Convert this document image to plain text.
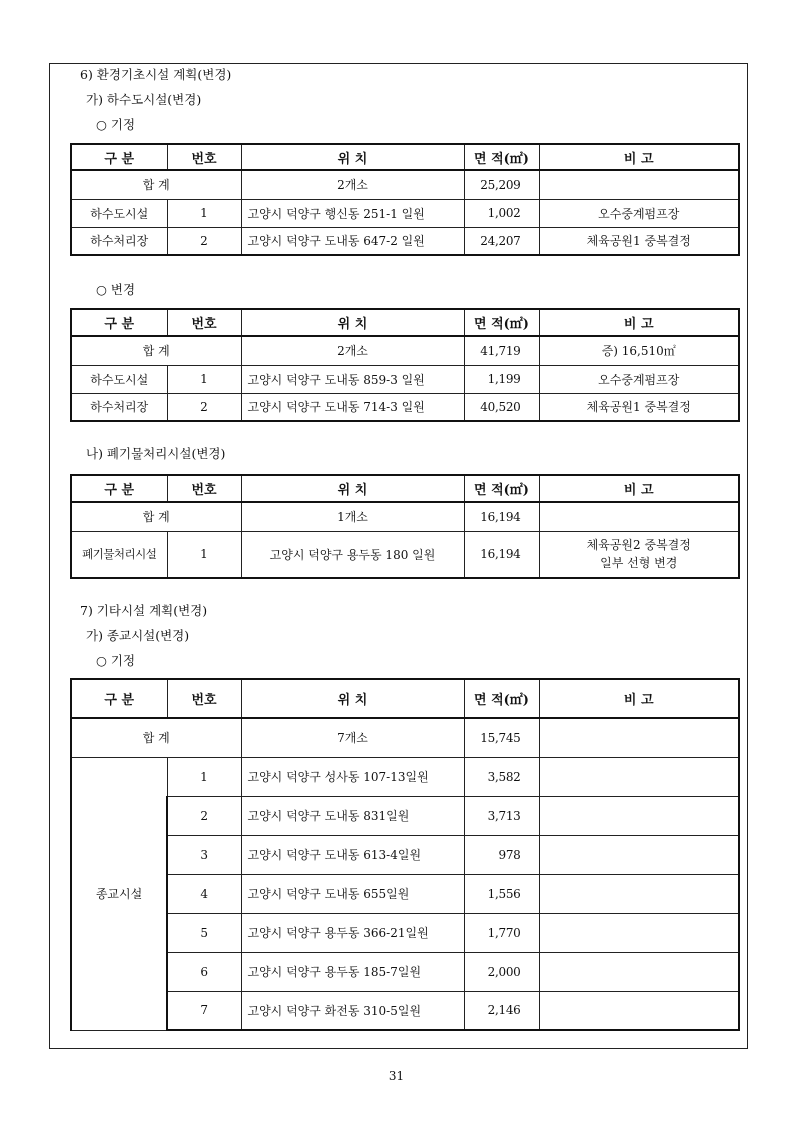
6) 환경기초시설 계획(변경)
가) 하수도시설(변경)
○ 기정
구 분	번호	위 치	면 적(㎡)	비 고
합 계		2개소	25,209	
하수도시설	1	고양시 덕양구 행신동 251-1 일원	1,002	오수중계펌프장
하수처리장	2	고양시 덕양구 도내동 647-2 일원	24,207	체육공원1 중복결정
○ 변경
구 분	번호	위 치	면 적(㎡)	비 고
합 계		2개소	41,719	증) 16,510㎡
하수도시설	1	고양시 덕양구 도내동 859-3 일원	1,199	오수중계펌프장
하수처리장	2	고양시 덕양구 도내동 714-3 일원	40,520	체육공원1 중복결정
나) 폐기물처리시설(변경)
구 분	번호	위 치	면 적(㎡)	비 고
합 계		1개소	16,194	
폐기물처리시설	1	고양시 덕양구 용두동 180 일원	16,194	체육공원2 중복결정
일부 선형 변경
7) 기타시설 계획(변경)
가) 종교시설(변경)
○ 기정
구 분	번호	위 치	면 적(㎡)	비 고
합 계		7개소	15,745	
종교시설	1	고양시 덕양구 성사동 107-13일원	3,582	
	2	고양시 덕양구 도내동 831일원	3,713	
	3	고양시 덕양구 도내동 613-4일원	978	
	4	고양시 덕양구 도내동 655일원	1,556	
	5	고양시 덕양구 용두동 366-21일원	1,770	
	6	고양시 덕양구 용두동 185-7일원	2,000	
	7	고양시 덕양구 화전동 310-5일원	2,146	
31
